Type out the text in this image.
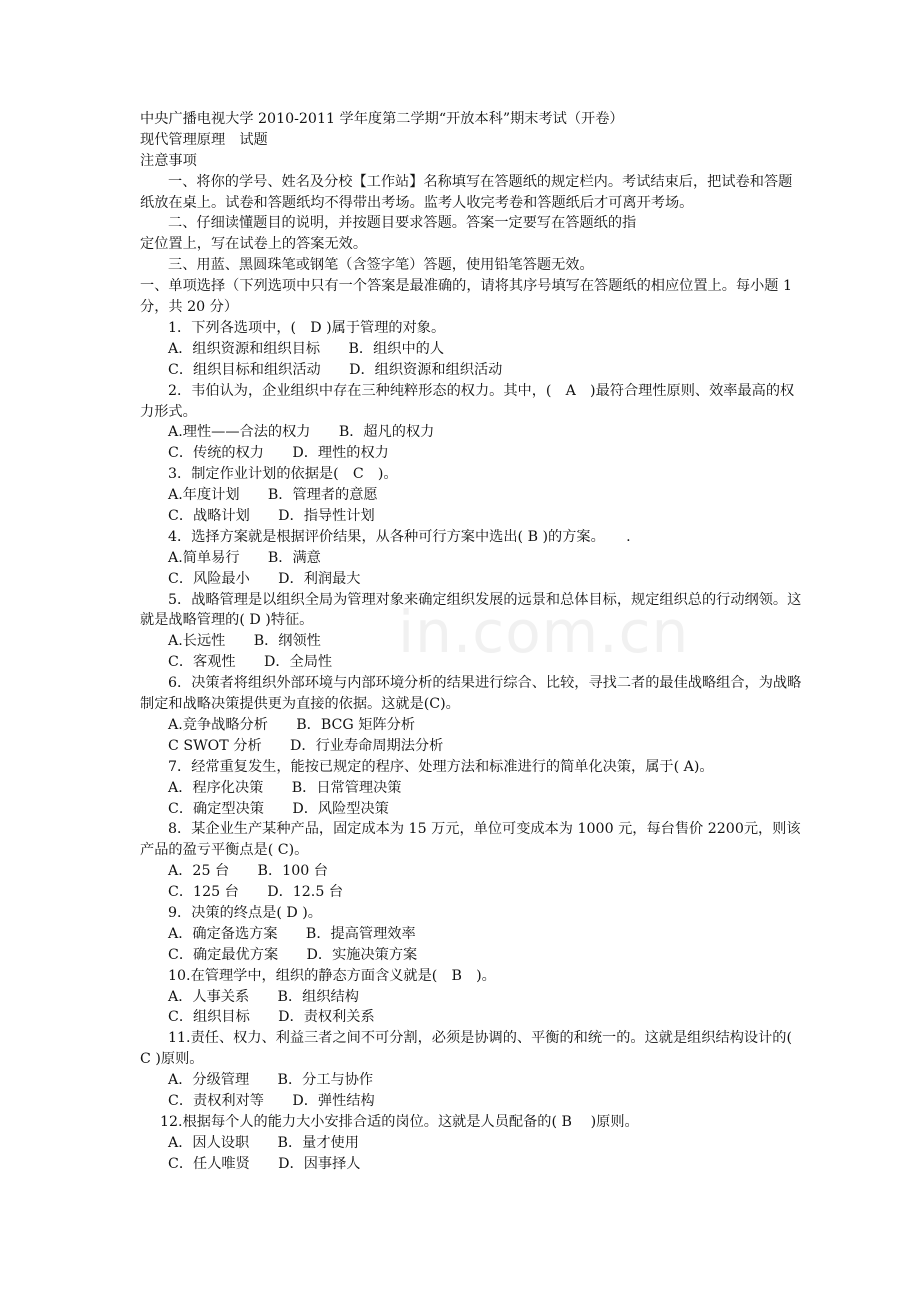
in.com.cn
中央广播电视大学 2010-2011 学年度第二学期“开放本科”期末考试（开卷）
现代管理原理　试题
注意事项
一、将你的学号、姓名及分校【工作站】名称填写在答题纸的规定栏内。考试结束后，把试卷和答题纸放在桌上。试卷和答题纸均不得带出考场。监考人收完考卷和答题纸后才可离开考场。
二、仔细读懂题目的说明，并按题目要求答题。答案一定要写在答题纸的指
定位置上，写在试卷上的答案无效。
三、用蓝、黑圆珠笔或钢笔（含签字笔）答题，使用铅笔答题无效。
一、单项选择（下列选项中只有一个答案是最准确的，请将其序号填写在答题纸的相应位置上。每小题 1 分，共 20 分）
1．下列各选项中，(　D )属于管理的对象。
A．组织资源和组织目标　　B．组织中的人
C．组织目标和组织活动　　D．组织资源和组织活动
2．韦伯认为，企业组织中存在三种纯粹形态的权力。其中，(　A　)最符合理性原则、效率最高的权力形式。
A.理性——合法的权力　　B．超凡的权力
C．传统的权力　　D．理性的权力
3．制定作业计划的依据是(　C　)。
A.年度计划　　B．管理者的意愿
C．战略计划　　D．指导性计划
4．选择方案就是根据评价结果，从各种可行方案中选出( B )的方案。　　.
A.简单易行　　B．满意
C．风险最小　　D．利润最大
5．战略管理是以组织全局为管理对象来确定组织发展的远景和总体目标，规定组织总的行动纲领。这就是战略管理的( D )特征。
A.长远性　　B．纲领性
C．客观性　　D．全局性
6．决策者将组织外部环境与内部环境分析的结果进行综合、比较，寻找二者的最佳战略组合，为战略制定和战略决策提供更为直接的依据。这就是(C)。
A.竞争战略分析　　B．BCG 矩阵分析
C SWOT 分析　　D．行业寿命周期法分析
7．经常重复发生，能按已规定的程序、处理方法和标准进行的简单化决策，属于( A)。
A．程序化决策　　B．日常管理决策
C．确定型决策　　D．风险型决策
8．某企业生产某种产品，固定成本为 15 万元，单位可变成本为 1000 元，每台售价 2200元，则该产品的盈亏平衡点是( C)。
A．25 台　　B．100 台
C．125 台　　D．12.5 台
9．决策的终点是( D )。
A．确定备选方案　　B．提高管理效率
C．确定最优方案　　D．实施决策方案
10.在管理学中，组织的静态方面含义就是(　B　)。
A．人事关系　　B．组织结构
C．组织目标　　D．责权利关系
11.责任、权力、利益三者之间不可分割，必须是协调的、平衡的和统一的。这就是组织结构设计的( C )原则。
A．分级管理　　B．分工与协作
C．责权利对等　　D．弹性结构
12.根据每个人的能力大小安排合适的岗位。这就是人员配备的( B　 )原则。
A．因人设职　　B．量才使用
C．任人唯贤　　D．因事择人
